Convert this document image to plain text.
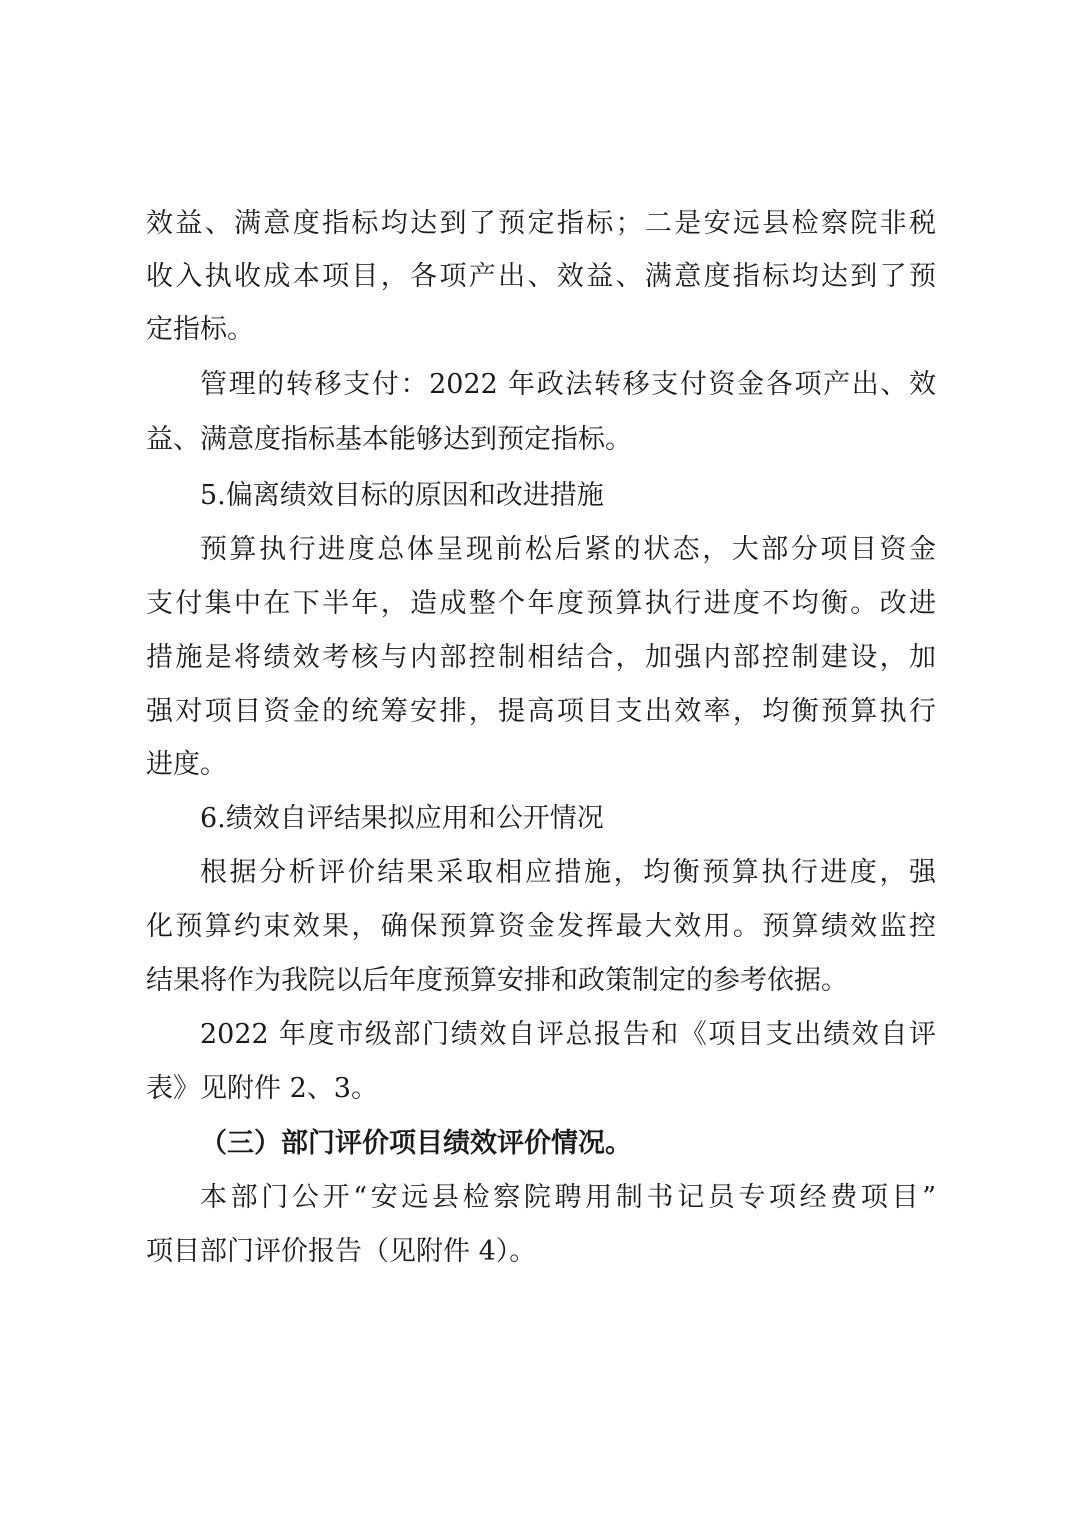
效益、满意度指标均达到了预定指标；二是安远县检察院非税
收入执收成本项目，各项产出、效益、满意度指标均达到了预
定指标。
管理的转移支付：2022 年政法转移支付资金各项产出、效
益、满意度指标基本能够达到预定指标。
5.偏离绩效目标的原因和改进措施
预算执行进度总体呈现前松后紧的状态，大部分项目资金
支付集中在下半年，造成整个年度预算执行进度不均衡。改进
措施是将绩效考核与内部控制相结合，加强内部控制建设，加
强对项目资金的统筹安排，提高项目支出效率，均衡预算执行
进度。
6.绩效自评结果拟应用和公开情况
根据分析评价结果采取相应措施，均衡预算执行进度，强
化预算约束效果，确保预算资金发挥最大效用。预算绩效监控
结果将作为我院以后年度预算安排和政策制定的参考依据。
2022 年度市级部门绩效自评总报告和《项目支出绩效自评
表》见附件 2、3。
（三）部门评价项目绩效评价情况。
本部门公开“安远县检察院聘用制书记员专项经费项目”
项目部门评价报告（见附件 4）。
